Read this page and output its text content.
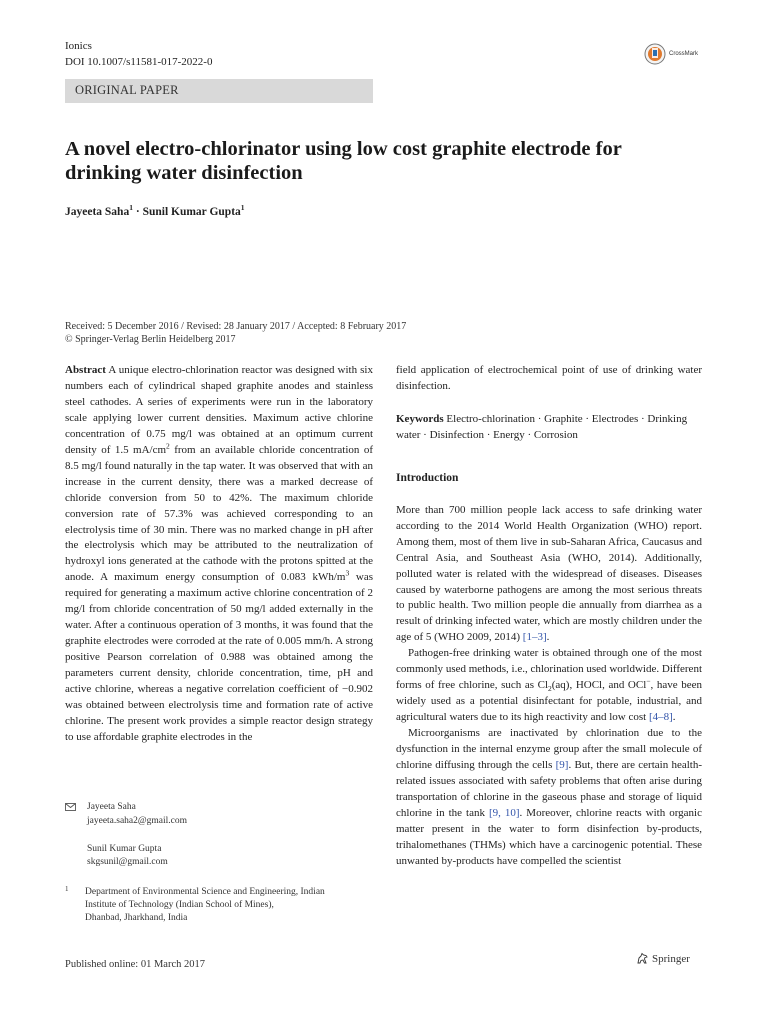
Ionics
DOI 10.1007/s11581-017-2022-0
CrossMark
ORIGINAL PAPER
A novel electro-chlorinator using low cost graphite electrode for drinking water disinfection
Jayeeta Saha$^1$ · Sunil Kumar Gupta$^1$
Received: 5 December 2016 / Revised: 28 January 2017 / Accepted: 8 February 2017
© Springer-Verlag Berlin Heidelberg 2017

Abstract A unique electro-chlorination reactor was designed with six numbers each of cylindrical shaped graphite anodes and stainless steel cathodes. A series of experiments were run in the laboratory scale applying lower current densities. Maximum active chlorine concentration of 0.75 mg/l was obtained at an optimum current density of 1.5 $mA/cm^2$ from an available chloride concentration of 8.5 mg/l found naturally in the tap water. It was observed that with an increase in the current density, there was a marked decrease of chloride conversion from 50 to 42%. The maximum chloride conversion rate of 57.3% was achieved corresponding to an electrolysis time of 30 min. There was no marked change in pH after the electrolysis which may be attributed to the neutralization of hydroxyl ions generated at the cathode with the protons spitted at the anode. A maximum energy consumption of 0.083 kWh/$m^3$ was required for generating a maximum active chlorine concentration of 2 mg/l from chloride concentration of 50 mg/l added externally in the water. After a continuous operation of 3 months, it was found that the graphite electrodes were corroded at the rate of 0.005 mm/h. A strong positive Pearson correlation of 0.988 was obtained among the parameters current density, chloride concentration, time, pH and active chlorine, whereas a negative correlation coefficient of −0.902 was obtained between electrolysis time and formation rate of active chlorine. The present work provides a simple reactor design strategy to use affordable graphite electrodes in the

field application of electrochemical point of use of drinking water disinfection.

Keywords Electro-chlorination · Graphite · Electrodes · Drinking water · Disinfection · Energy · Corrosion

Introduction

More than 700 million people lack access to safe drinking water according to the 2014 World Health Organization (WHO) report. Among them, most of them live in sub-Saharan Africa, Caucasus and Central Asia, and Southeast Asia (WHO, 2014). Additionally, polluted water is related with the widespread of diseases. Diseases caused by waterborne pathogens are among the most serious threats to public health. Two million people die annually from diarrhea as a result of drinking infected water, which are mostly children under the age of 5 (WHO 2009, 2014) [1–3].

Pathogen-free drinking water is obtained through one of the most commonly used methods, i.e., chlorination used worldwide. Different forms of free chlorine, such as $Cl_2(aq)$, HOCl, and OCl−, have been widely used as a potential disinfectant for potable, industrial, and agricultural waters due to its high reactivity and low cost [4–8].

Microorganisms are inactivated by chlorination due to the dysfunction in the internal enzyme group after the small molecule of chlorine diffusing through the cells [9]. But, there are certain health-related issues associated with safety problems that often arise during transportation of chlorine in the gaseous phase and storage of liquid chlorine in the tank [9, 10]. Moreover, chlorine reacts with organic matter present in the water to form disinfection by-products, trihalomethanes (THMs) which have a carcinogenic potential. These unwanted by-products have compelled the scientist

Jayeeta Saha
jayeeta.saha2@gmail.com
Sunil Kumar Gupta
skgsunil@gmail.com
1 Department of Environmental Science and Engineering, Indian
Institute of Technology (Indian School of Mines),
Dhanbad, Jharkhand, India
Published online: 01 March 2017	Springer
